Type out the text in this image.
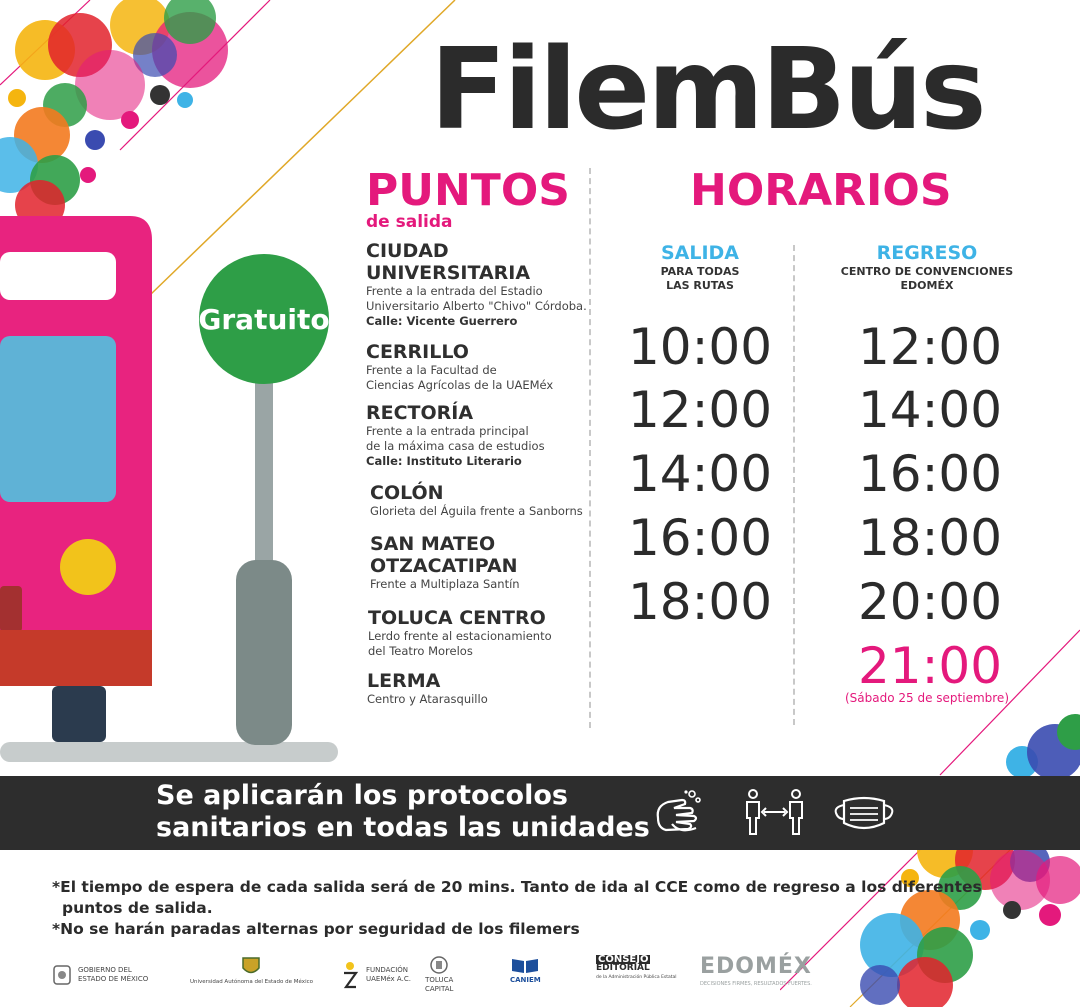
Gratuito
FilemBús
PUNTOS
de salida
HORARIOS
CIUDAD
UNIVERSITARIA
Frente a la entrada del Estadio
Universitario Alberto "Chivo" Córdoba.
Calle: Vicente Guerrero
CERRILLO
Frente a la Facultad de
Ciencias Agrícolas de la UAEMéx
RECTORÍA
Frente a la entrada principal
de la máxima casa de estudios
Calle: Instituto Literario
COLÓN
Glorieta del Águila frente a Sanborns
SAN MATEO
OTZACATIPAN
Frente a Multiplaza Santín
TOLUCA CENTRO
Lerdo frente al estacionamiento
del Teatro Morelos
LERMA
Centro y Atarasquillo
SALIDA
PARA TODAS
LAS RUTAS
REGRESO
CENTRO DE CONVENCIONES
EDOMÉX
10:00
12:00
14:00
16:00
18:00
12:00
14:00
16:00
18:00
20:00
21:00
(Sábado 25 de septiembre)
Se aplicarán los protocolos
sanitarios en todas las unidades
*El tiempo de espera de cada salida será de 20 mins. Tanto de ida al CCE como de regreso a los diferentes
puntos de salida.
*No se harán paradas alternas por seguridad de los filemers
GOBIERNO DEL
ESTADO DE MÉXICO	Universidad Autónoma del Estado de México
FUNDACIÓN
UAEMéx A.C. TOLUCA
CAPITAL
CANIEM
CONSEJO
EDITORIAL
de la Administración Pública Estatal EDOMÉX
DECISIONES FIRMES, RESULTADOS FUERTES.
